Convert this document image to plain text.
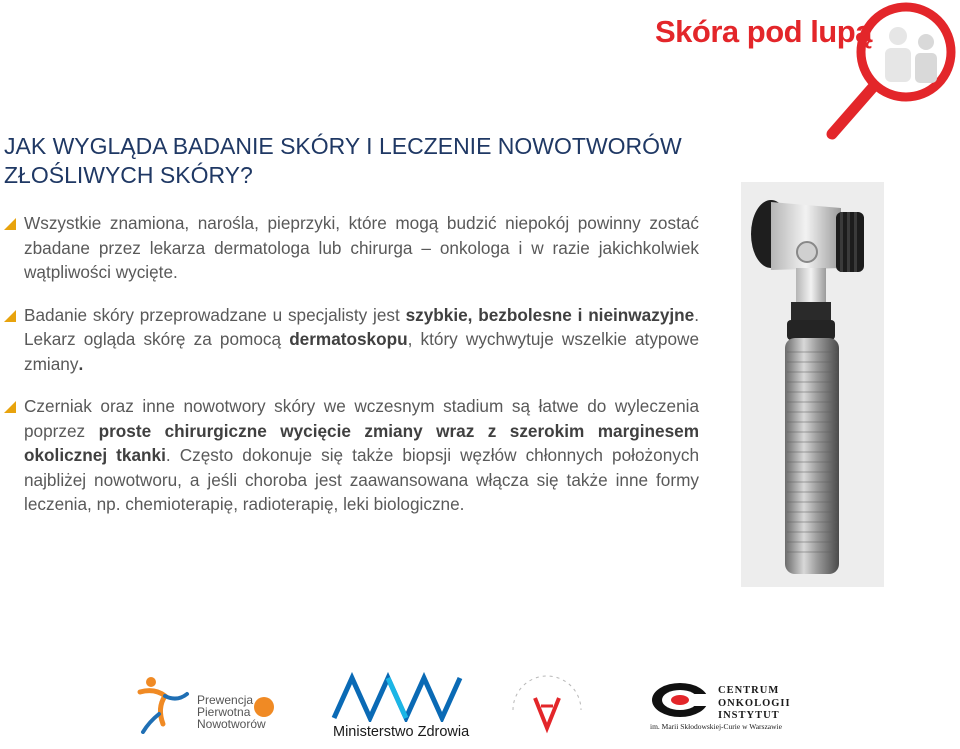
Skóra pod lupą
JAK WYGLĄDA BADANIE SKÓRY I LECZENIE NOWOTWORÓW
ZŁOŚLIWYCH SKÓRY?
Wszystkie znamiona, narośla, pieprzyki, które mogą budzić niepokój powinny zostać zbadane przez lekarza dermatologa lub chirurga – onkologa i w razie jakichkolwiek wątpliwości wycięte.
Badanie skóry przeprowadzane u specjalisty jest szybkie, bezbolesne i nieinwazyjne. Lekarz ogląda skórę za pomocą dermatoskopu, który wychwytuje wszelkie atypowe zmiany.
Czerniak oraz inne nowotwory skóry we wczesnym stadium są łatwe do wyleczenia poprzez proste chirurgiczne wycięcie zmiany wraz z szerokim marginesem okolicznej tkanki. Często dokonuje się także biopsji węzłów chłonnych położonych najbliżej nowotworu, a jeśli choroba jest zaawansowana włącza się także inne formy leczenia, np. chemioterapię, radioterapię, leki biologiczne.
Prewencja
Pierwotna
Nowotworów	Ministerstwo Zdrowia
CENTRUM
ONKOLOGII
INSTYTUT
im. Marii Skłodowskiej-Curie w Warszawie
